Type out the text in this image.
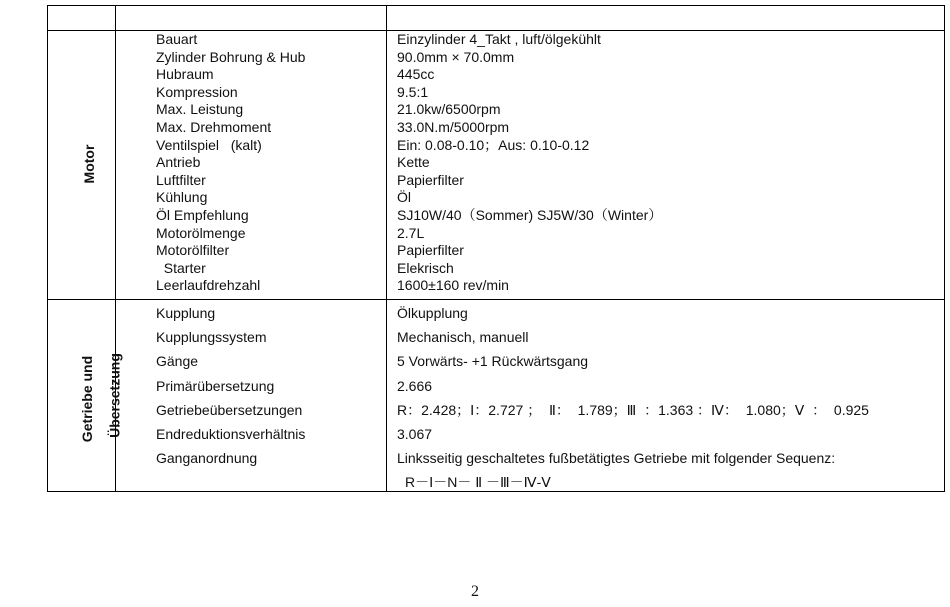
Motor
Bauart
Zylinder Bohrung & Hub
Hubraum
Kompression
Max. Leistung
Max. Drehmoment
Ventilspiel   (kalt)
Antrieb
Luftfilter
Kühlung
Öl Empfehlung
Motorölmenge
Motorölfilter
Starter
Leerlaufdrehzahl
Einzylinder 4_Takt , luft/ölgekühlt
90.0mm × 70.0mm
445cc
9.5:1
21.0kw/6500rpm
33.0N.m/5000rpm
Ein: 0.08-0.10；Aus: 0.10-0.12
Kette
Papierfilter
Öl
SJ10W/40（Sommer) SJ5W/30（Winter）
2.7L
Papierfilter
Elekrisch
1600±160 rev/min
Getriebe und Übersetzung
Kupplung
Kupplungssystem
Gänge
Primärübersetzung
Getriebeübersetzungen
Endreduktionsverhältnis
Ganganordnung
Ölkupplung
Mechanisch, manuell
5 Vorwärts- +1 Rückwärtsgang
2.666
R：2.428；Ⅰ：2.727 ；  Ⅱ：  1.789；Ⅲ  ：1.363 ：Ⅳ：  1.080；Ⅴ  ：  0.925
3.067
Linksseitig geschaltetes fußbetätigtes Getriebe mit folgender Sequenz:
R－Ⅰ－N－ Ⅱ －Ⅲ－Ⅳ-Ⅴ
2
